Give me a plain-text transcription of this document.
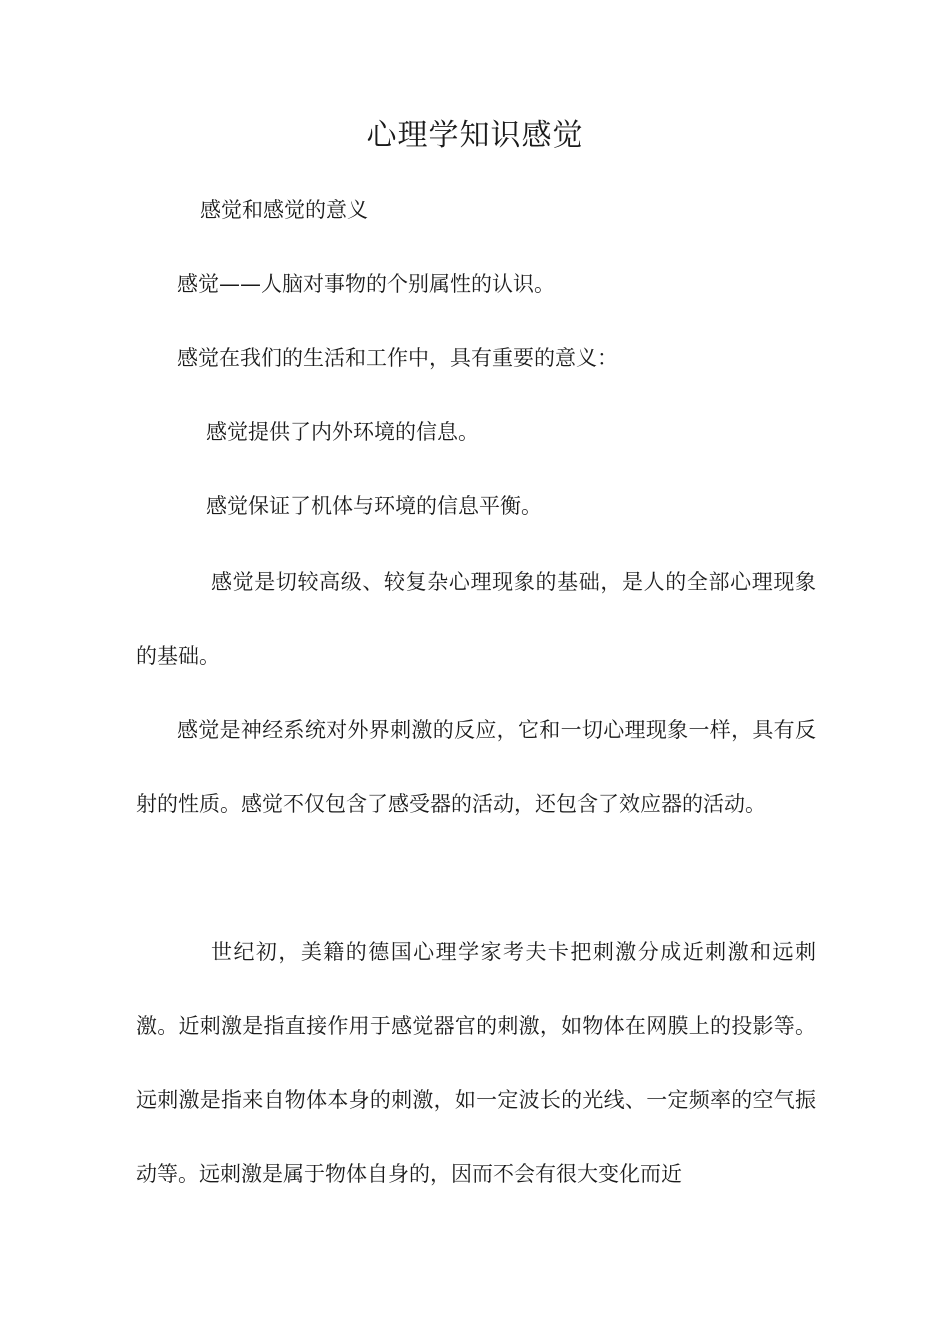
心理学知识感觉

感觉和感觉的意义

感觉——人脑对事物的个别属性的认识。

感觉在我们的生活和工作中，具有重要的意义：

感觉提供了内外环境的信息。

感觉保证了机体与环境的信息平衡。

感觉是切较高级、较复杂心理现象的基础，是人的全部心理现象的基础。

感觉是神经系统对外界刺激的反应，它和一切心理现象一样，具有反射的性质。感觉不仅包含了感受器的活动，还包含了效应器的活动。

世纪初，美籍的德国心理学家考夫卡把刺激分成近刺激和远刺激。近刺激是指直接作用于感觉器官的刺激，如物体在网膜上的投影等。远刺激是指来自物体本身的刺激，如一定波长的光线、一定频率的空气振动等。远刺激是属于物体自身的，因而不会有很大变化而近
